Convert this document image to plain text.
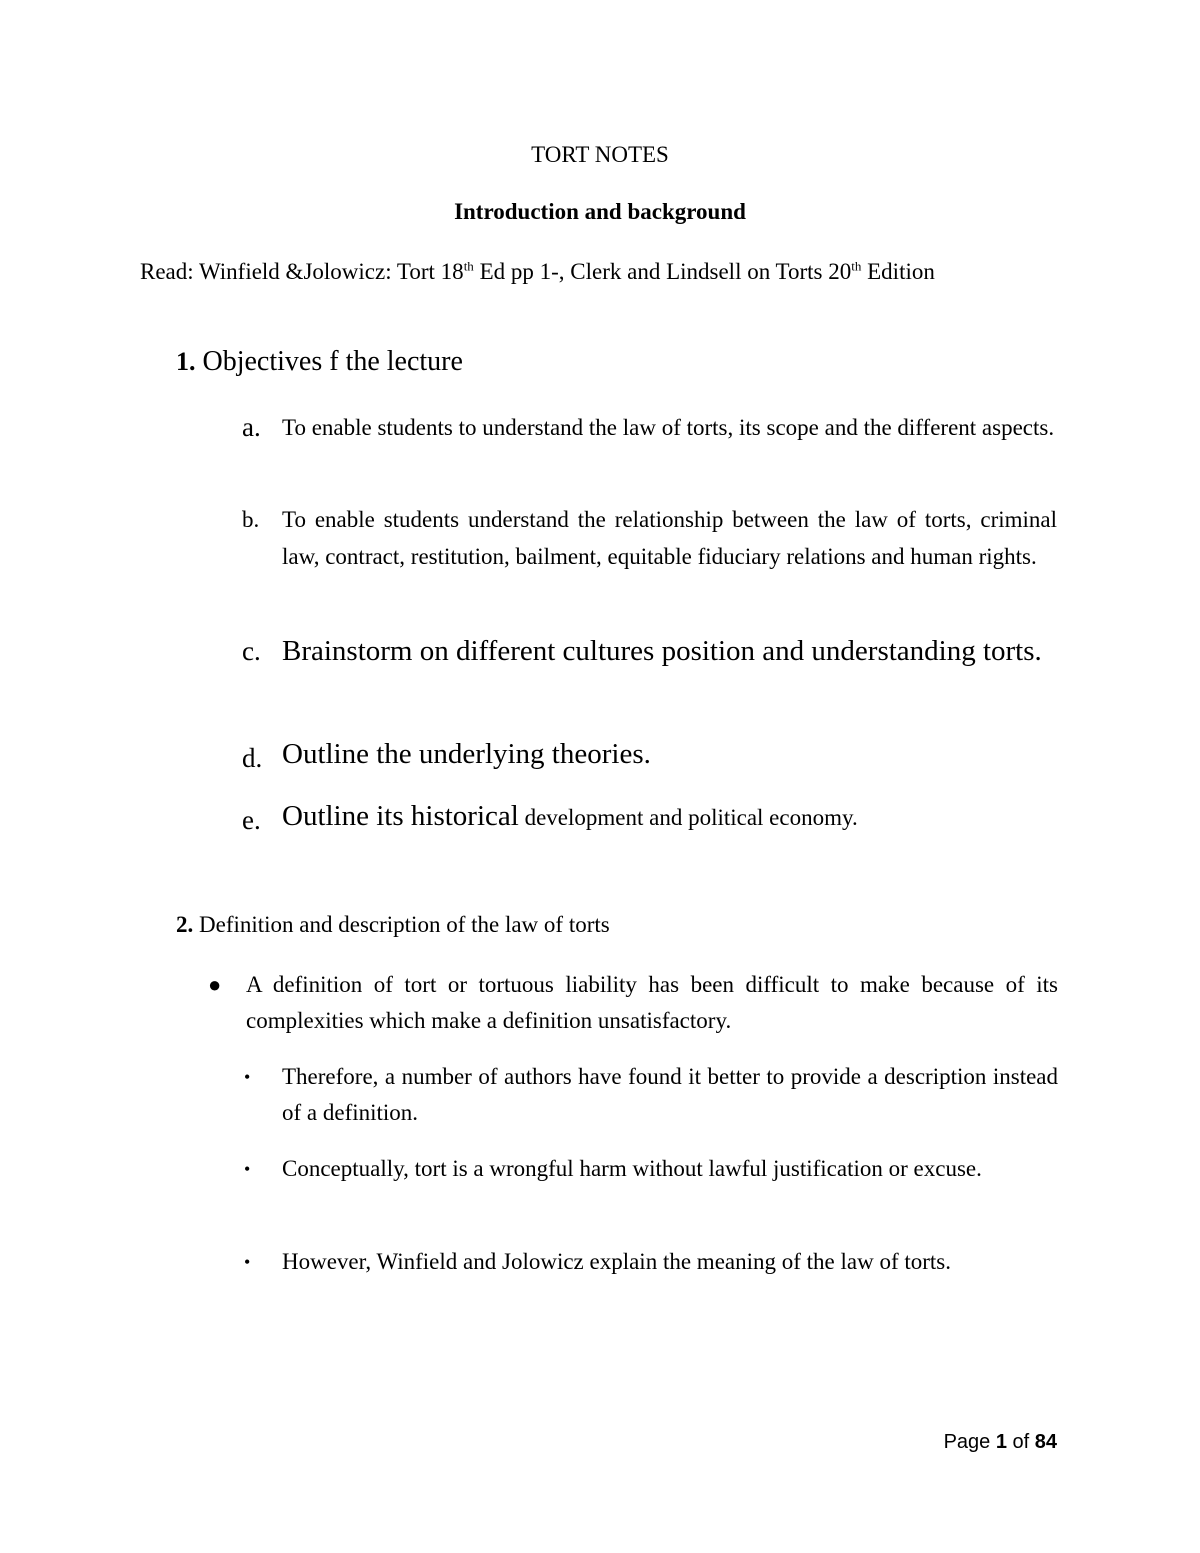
TORT NOTES

Introduction and background

Read: Winfield &Jolowicz: Tort 18th Ed pp 1-, Clerk and Lindsell on Torts 20th Edition

1. Objectives f the lecture

a. To enable students to understand the law of torts, its scope and the different aspects.
b. To enable students understand the relationship between the law of torts, criminal law, contract, restitution, bailment, equitable fiduciary relations and human rights.
c. Brainstorm on different cultures position and understanding torts.
d. Outline the underlying theories.
e. Outline its historical development and political economy.

2. Definition and description of the law of torts

● A definition of tort or tortuous liability has been difficult to make because of its complexities which make a definition unsatisfactory.
• Therefore, a number of authors have found it better to provide a description instead of a definition.
• Conceptually, tort is a wrongful harm without lawful justification or excuse.
• However, Winfield and Jolowicz explain the meaning of the law of torts.

Page 1 of 84
